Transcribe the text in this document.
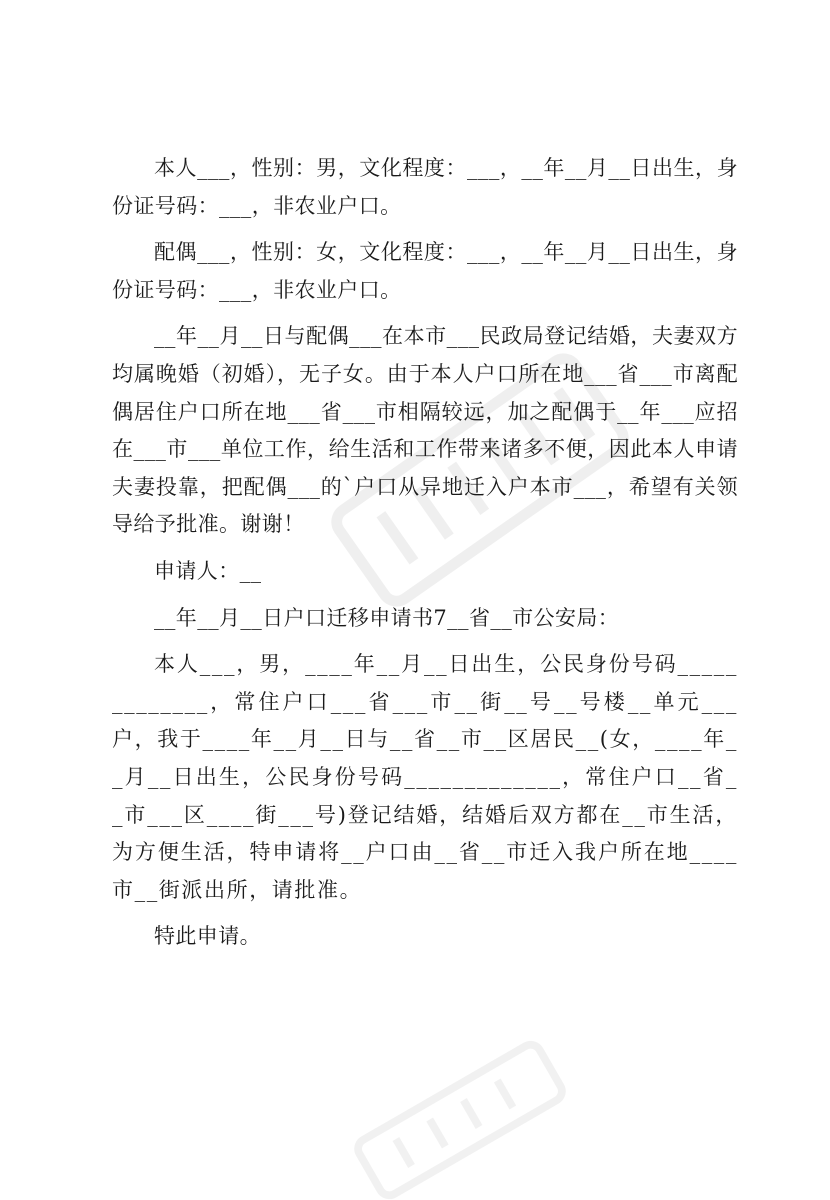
本人___，性别：男，文化程度：___，__年__月__日出生，身份证号码：___，非农业户口。

配偶___，性别：女，文化程度：___，__年__月__日出生，身份证号码：___，非农业户口。

__年__月__日与配偶___在本市___民政局登记结婚，夫妻双方均属晚婚（初婚），无子女。由于本人户口所在地___省___市离配偶居住户口所在地___省___市相隔较远，加之配偶于__年___应招在___市___单位工作，给生活和工作带来诸多不便，因此本人申请夫妻投靠，把配偶___的`户口从异地迁入户本市___，希望有关领导给予批准。谢谢！

申请人：__

__年__月__日户口迁移申请书7__省__市公安局：

本人___，男，____年__月__日出生，公民身份号码_____________，常住户口___省___市__街__号__号楼__单元___户，我于____年__月__日与__省__市__区居民__(女，____年__月__日出生，公民身份号码_____________，常住户口__省__市___区____街___号)登记结婚，结婚后双方都在__市生活，为方便生活，特申请将__户口由__省__市迁入我户所在地____市__街派出所，请批准。

特此申请。
